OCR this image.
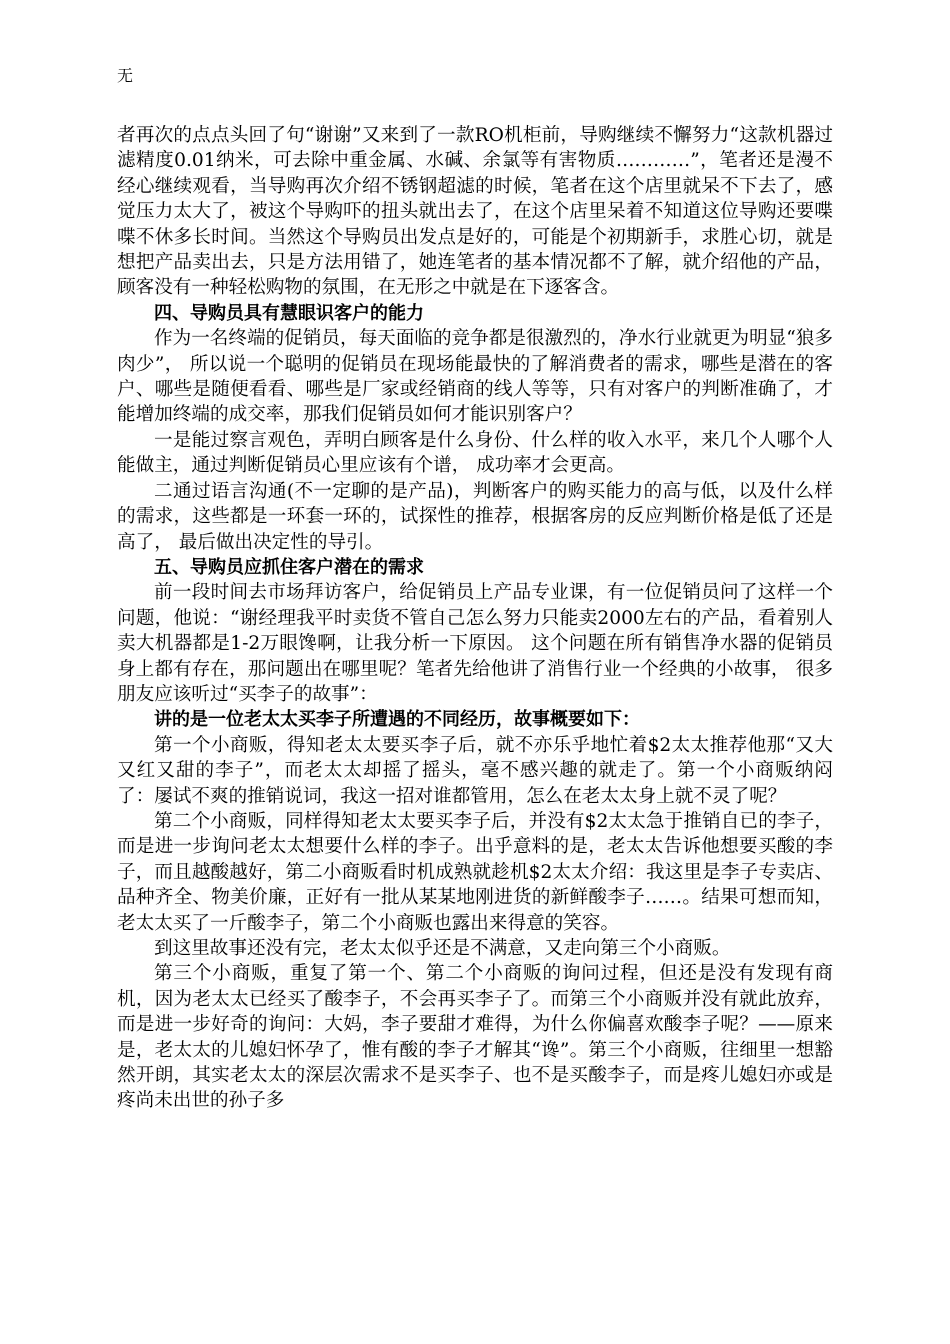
无

者再次的点点头回了句“谢谢”又来到了一款RO机柜前，导购继续不懈努力“这款机器过滤精度0.01纳米，可去除中重金属、水碱、余氯等有害物质…………”，笔者还是漫不经心继续观看，当导购再次介绍不锈钢超滤的时候，笔者在这个店里就呆不下去了，感觉压力太大了，被这个导购吓的扭头就出去了，在这个店里呆着不知道这位导购还要喋喋不休多长时间。当然这个导购员出发点是好的，可能是个初期新手，求胜心切，就是想把产品卖出去，只是方法用错了，她连笔者的基本情况都不了解，就介绍他的产品，顾客没有一种轻松购物的氛围，在无形之中就是在下逐客含。

四、导购员具有慧眼识客户的能力

作为一名终端的促销员，每天面临的竞争都是很激烈的，净水行业就更为明显“狼多肉少”， 所以说一个聪明的促销员在现场能最快的了解消费者的需求，哪些是潜在的客户、哪些是随便看看、哪些是厂家或经销商的线人等等，只有对客户的判断准确了，才能增加终端的成交率，那我们促销员如何才能识别客户？

一是能过察言观色，弄明白顾客是什么身份、什么样的收入水平，来几个人哪个人能做主，通过判断促销员心里应该有个谱， 成功率才会更高。

二通过语言沟通(不一定聊的是产品)，判断客户的购买能力的高与低，以及什么样的需求，这些都是一环套一环的，试探性的推荐，根据客房的反应判断价格是低了还是高了， 最后做出决定性的导引。

五、导购员应抓住客户潜在的需求

前一段时间去市场拜访客户，给促销员上产品专业课，有一位促销员问了这样一个问题，他说：“谢经理我平时卖货不管自己怎么努力只能卖2000左右的产品，看着别人卖大机器都是1-2万眼馋啊，让我分析一下原因。 这个问题在所有销售净水器的促销员身上都有存在，那问题出在哪里呢？笔者先给他讲了消售行业一个经典的小故事， 很多朋友应该听过“买李子的故事”：

讲的是一位老太太买李子所遭遇的不同经历，故事概要如下：

第一个小商贩，得知老太太要买李子后，就不亦乐乎地忙着$2太太推荐他那“又大又红又甜的李子”，而老太太却摇了摇头，毫不感兴趣的就走了。第一个小商贩纳闷了：屡试不爽的推销说词，我这一招对谁都管用，怎么在老太太身上就不灵了呢？

第二个小商贩，同样得知老太太要买李子后，并没有$2太太急于推销自已的李子，而是进一步询问老太太想要什么样的李子。出乎意料的是，老太太告诉他想要买酸的李子，而且越酸越好，第二小商贩看时机成熟就趁机$2太太介绍：我这里是李子专卖店、品种齐全、物美价廉，正好有一批从某某地刚进货的新鲜酸李子……。结果可想而知，老太太买了一斤酸李子，第二个小商贩也露出来得意的笑容。

到这里故事还没有完，老太太似乎还是不满意，又走向第三个小商贩。

第三个小商贩，重复了第一个、第二个小商贩的询问过程，但还是没有发现有商机，因为老太太已经买了酸李子，不会再买李子了。而第三个小商贩并没有就此放弃，而是进一步好奇的询问：大妈，李子要甜才难得，为什么你偏喜欢酸李子呢？——原来是，老太太的儿媳妇怀孕了，惟有酸的李子才解其“谗”。第三个小商贩，往细里一想豁然开朗，其实老太太的深层次需求不是买李子、也不是买酸李子，而是疼儿媳妇亦或是疼尚未出世的孙子多
